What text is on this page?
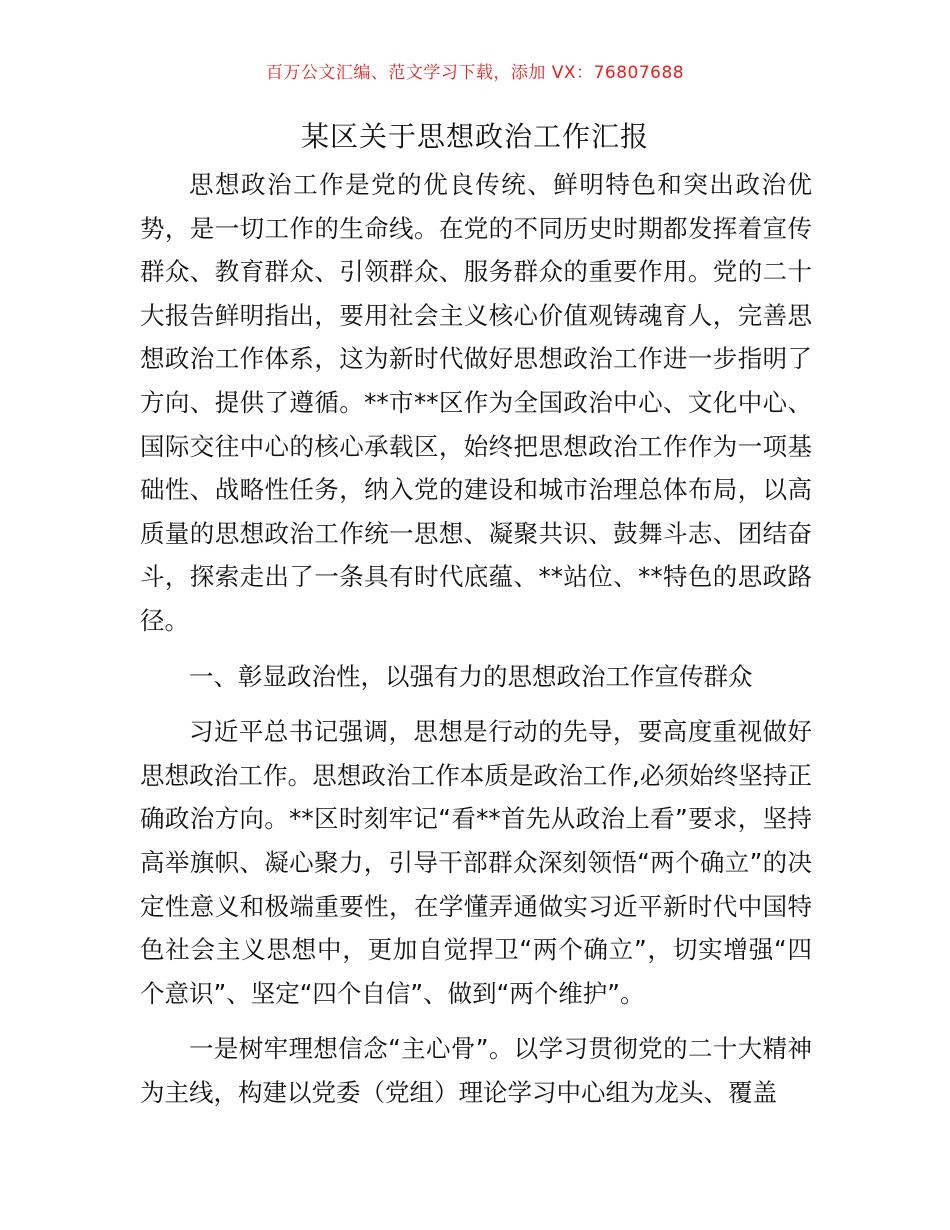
百万公文汇编、范文学习下载，添加 VX：76807688
某区关于思想政治工作汇报

思想政治工作是党的优良传统、鲜明特色和突出政治优势，是一切工作的生命线。在党的不同历史时期都发挥着宣传群众、教育群众、引领群众、服务群众的重要作用。党的二十大报告鲜明指出，要用社会主义核心价值观铸魂育人，完善思想政治工作体系，这为新时代做好思想政治工作进一步指明了方向、提供了遵循。**市**区作为全国政治中心、文化中心、国际交往中心的核心承载区，始终把思想政治工作作为一项基础性、战略性任务，纳入党的建设和城市治理总体布局，以高质量的思想政治工作统一思想、凝聚共识、鼓舞斗志、团结奋斗，探索走出了一条具有时代底蕴、**站位、**特色的思政路径。

一、彰显政治性，以强有力的思想政治工作宣传群众

习近平总书记强调，思想是行动的先导，要高度重视做好思想政治工作。思想政治工作本质是政治工作,必须始终坚持正确政治方向。**区时刻牢记“看**首先从政治上看”要求，坚持高举旗帜、凝心聚力，引导干部群众深刻领悟“两个确立”的决定性意义和极端重要性，在学懂弄通做实习近平新时代中国特色社会主义思想中，更加自觉捍卫“两个确立”，切实增强“四个意识”、坚定“四个自信”、做到“两个维护”。

一是树牢理想信念“主心骨”。以学习贯彻党的二十大精神为主线，构建以党委（党组）理论学习中心组为龙头、覆盖
